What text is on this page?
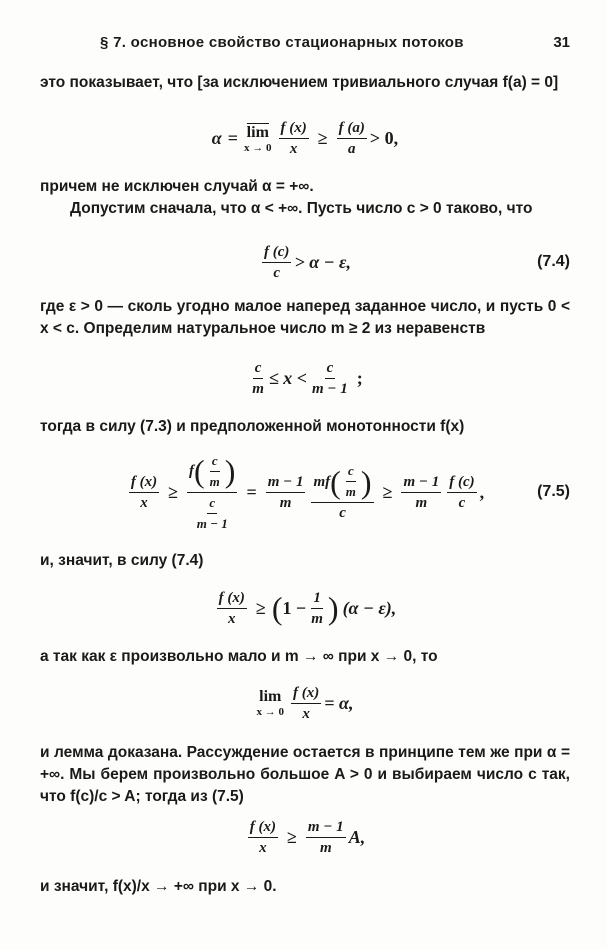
§ 7. основное свойство стационарных потоков	31
это показывает, что [за исключением тривиального случая f(a) = 0]
α = lim
$x \to 0 \frac{f (x)}{x} \ge \frac{f (a)}{a} > 0$,
причем не исключен случай α = +∞.
Допустим сначала, что α < +∞. Пусть число c > 0 таково, что
$\frac{f (c)}{c} > \alpha - \varepsilon$,	(7.4)
где ε > 0 — сколь угодно малое наперед заданное число, и пусть 0 < x < c. Определим натуральное число m ≥ 2 из неравенств
$\frac{c}{m} \le x < \frac{c}{m - 1}$ ;
тогда в силу (7.3) и предположенной монотонности f(x)
$\frac{f (x)}{x}$ ≥
f ( $\frac{c}{m}$ )
$\frac{c}{m - 1}$
= $\frac{m - 1}{m}$ mf ( $\frac{c}{m}$ )
c
≥ $\frac{m - 1}{m} \frac{f (c)}{c}$ ,	(7.5)
и, значит, в силу (7.4)
$\frac{f (x)}{x}$ ≥ ( $1 - \frac{1}{m}$ ) (α − ε),
а так как ε произвольно мало и m → ∞ при x → 0, то
lim
$x \to 0 \frac{f (x)}{x} = \alpha$,
и лемма доказана. Рассуждение остается в принципе тем же при α = +∞. Мы берем произвольно большое A > 0 и выбираем число c так, что f(c)/c > A; тогда из (7.5)
$\frac{f (x)}{x} \ge \frac{m - 1}{m} A$,
и значит, f(x)/x → +∞ при x → 0.
